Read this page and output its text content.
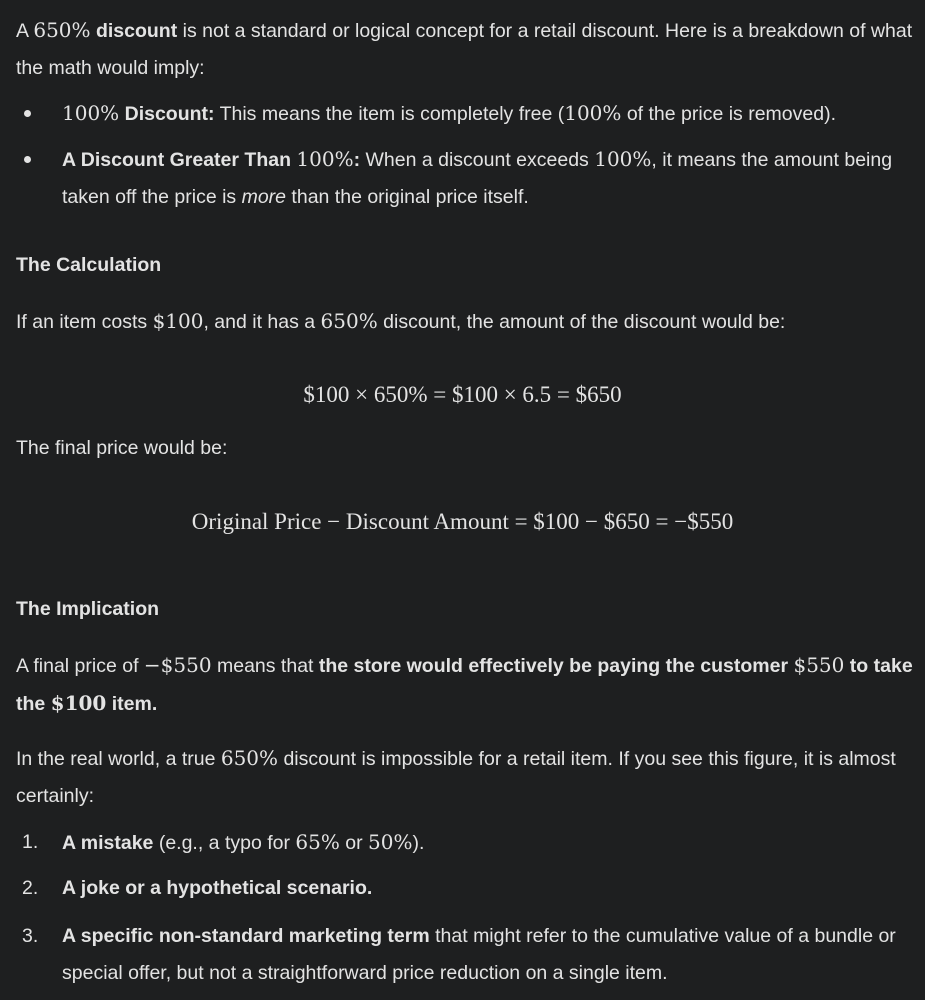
A 650% discount is not a standard or logical concept for a retail discount. Here is a breakdown of what the math would imply:
100% Discount: This means the item is completely free (100% of the price is removed).
A Discount Greater Than 100%: When a discount exceeds 100%, it means the amount being taken off the price is more than the original price itself.
The Calculation
If an item costs $100, and it has a 650% discount, the amount of the discount would be:
$100 × 650% = $100 × 6.5 = $650
The final price would be:
Original Price − Discount Amount = $100 − $650 = −$550
The Implication
A final price of −$550 means that the store would effectively be paying the customer $550 to take the $100 item.
In the real world, a true 650% discount is impossible for a retail item. If you see this figure, it is almost certainly:
1. A mistake (e.g., a typo for 65% or 50%).
2. A joke or a hypothetical scenario.
3. A specific non-standard marketing term that might refer to the cumulative value of a bundle or special offer, but not a straightforward price reduction on a single item.
